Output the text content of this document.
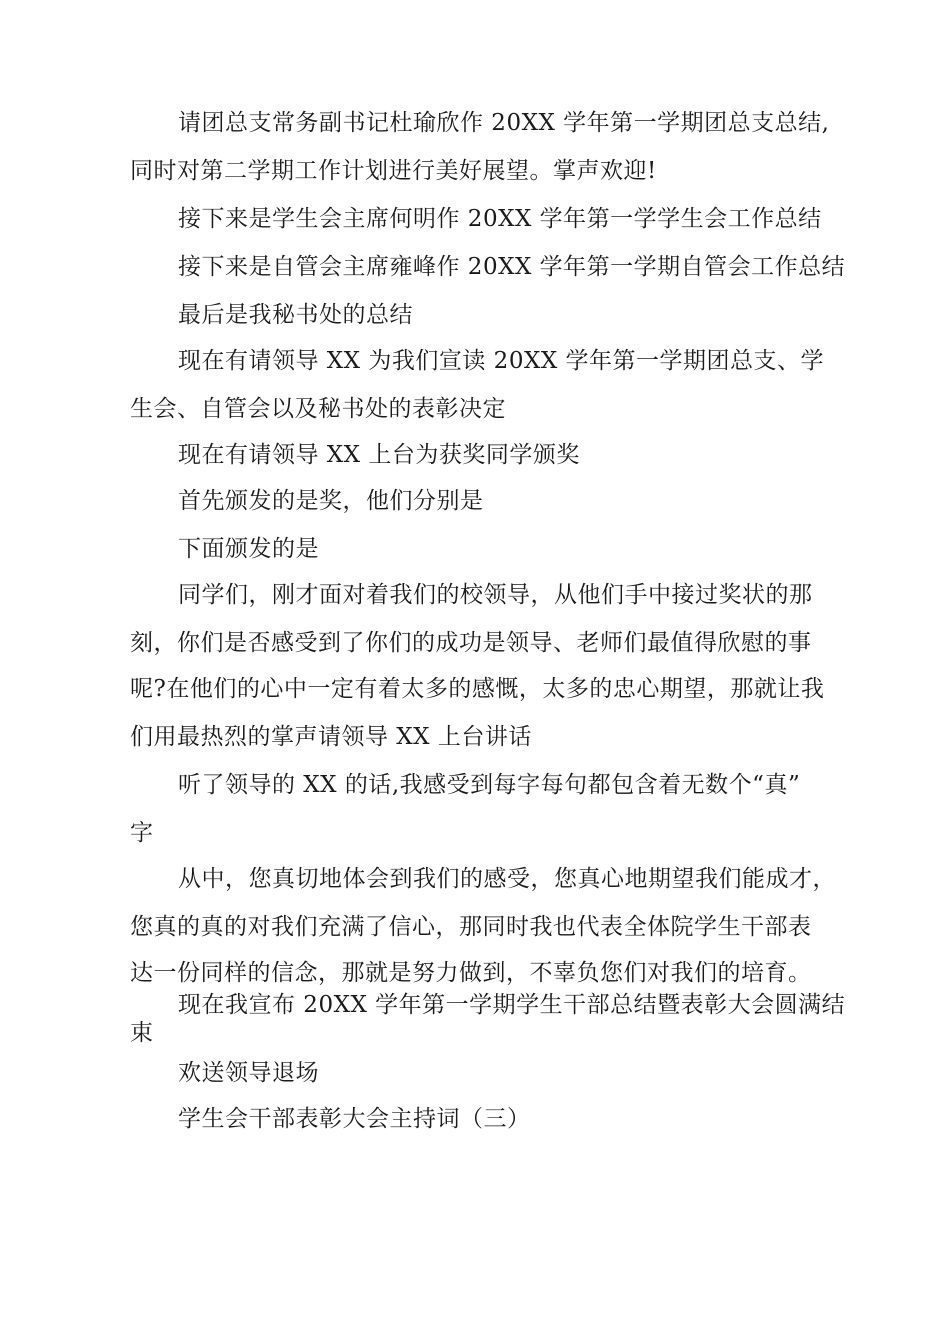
请团总支常务副书记杜瑜欣作 20XX 学年第一学期团总支总结,

同时对第二学期工作计划进行美好展望。掌声欢迎!

接下来是学生会主席何明作 20XX 学年第一学学生会工作总结

接下来是自管会主席雍峰作 20XX 学年第一学期自管会工作总结

最后是我秘书处的总结

现在有请领导 XX 为我们宣读 20XX 学年第一学期团总支、学

生会、自管会以及秘书处的表彰决定

现在有请领导 XX 上台为获奖同学颁奖

首先颁发的是奖，他们分别是

下面颁发的是

同学们，刚才面对着我们的校领导，从他们手中接过奖状的那

刻，你们是否感受到了你们的成功是领导、老师们最值得欣慰的事

呢?在他们的心中一定有着太多的感慨，太多的忠心期望，那就让我

们用最热烈的掌声请领导 XX 上台讲话

听了领导的 XX 的话,我感受到每字每句都包含着无数个“真”

字

从中，您真切地体会到我们的感受，您真心地期望我们能成才，

您真的真的对我们充满了信心，那同时我也代表全体院学生干部表

达一份同样的信念，那就是努力做到，不辜负您们对我们的培育。

现在我宣布 20XX 学年第一学期学生干部总结暨表彰大会圆满结

束

欢送领导退场

学生会干部表彰大会主持词（三）
